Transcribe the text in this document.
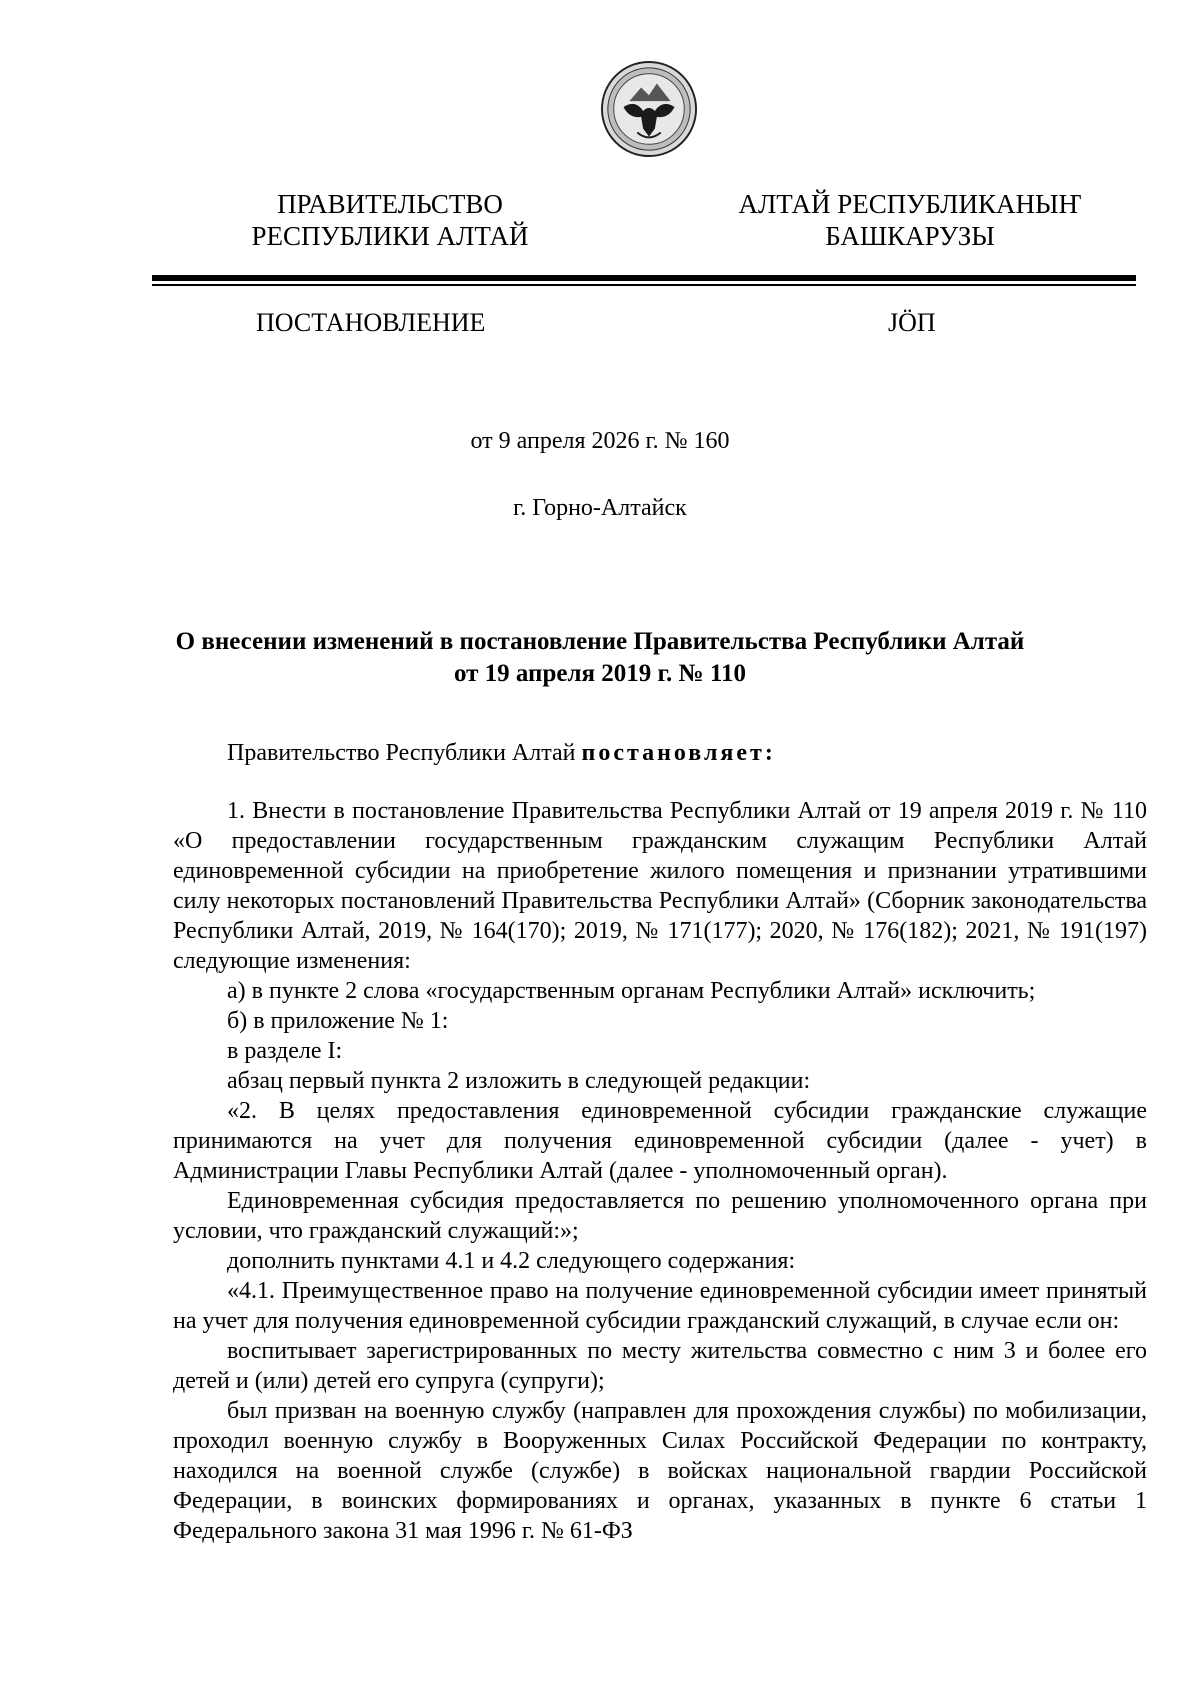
ПРАВИТЕЛЬСТВО
РЕСПУБЛИКИ АЛТАЙ
АЛТАЙ РЕСПУБЛИКАНЫҤ
БАШКАРУЗЫ
ПОСТАНОВЛЕНИЕ	JӦП
от 9 апреля 2026 г. № 160
г. Горно-Алтайск
О внесении изменений в постановление Правительства Республики Алтай
от 19 апреля 2019 г. № 110

Правительство Республики Алтай постановляет:

1. Внести в постановление Правительства Республики Алтай от 19 апреля 2019 г. № 110 «О предоставлении государственным гражданским служащим Республики Алтай единовременной субсидии на приобретение жилого помещения и признании утратившими силу некоторых постановлений Правительства Республики Алтай» (Сборник законодательства Республики Алтай, 2019, № 164(170); 2019, № 171(177); 2020, № 176(182); 2021, № 191(197) следующие изменения:

а) в пункте 2 слова «государственным органам Республики Алтай» исключить;

б) в приложение № 1:

в разделе I:

абзац первый пункта 2 изложить в следующей редакции:

«2. В целях предоставления единовременной субсидии гражданские служащие принимаются на учет для получения единовременной субсидии (далее - учет) в Администрации Главы Республики Алтай (далее - уполномоченный орган).

Единовременная субсидия предоставляется по решению уполномоченного органа при условии, что гражданский служащий:»;

дополнить пунктами 4.1 и 4.2 следующего содержания:

«4.1. Преимущественное право на получение единовременной субсидии имеет принятый на учет для получения единовременной субсидии гражданский служащий, в случае если он:

воспитывает зарегистрированных по месту жительства совместно с ним 3 и более его детей и (или) детей его супруга (супруги);

был призван на военную службу (направлен для прохождения службы) по мобилизации, проходил военную службу в Вооруженных Силах Российской Федерации по контракту, находился на военной службе (службе) в войсках национальной гвардии Российской Федерации, в воинских формированиях и органах, указанных в пункте 6 статьи 1 Федерального закона 31 мая 1996 г. № 61-ФЗ
